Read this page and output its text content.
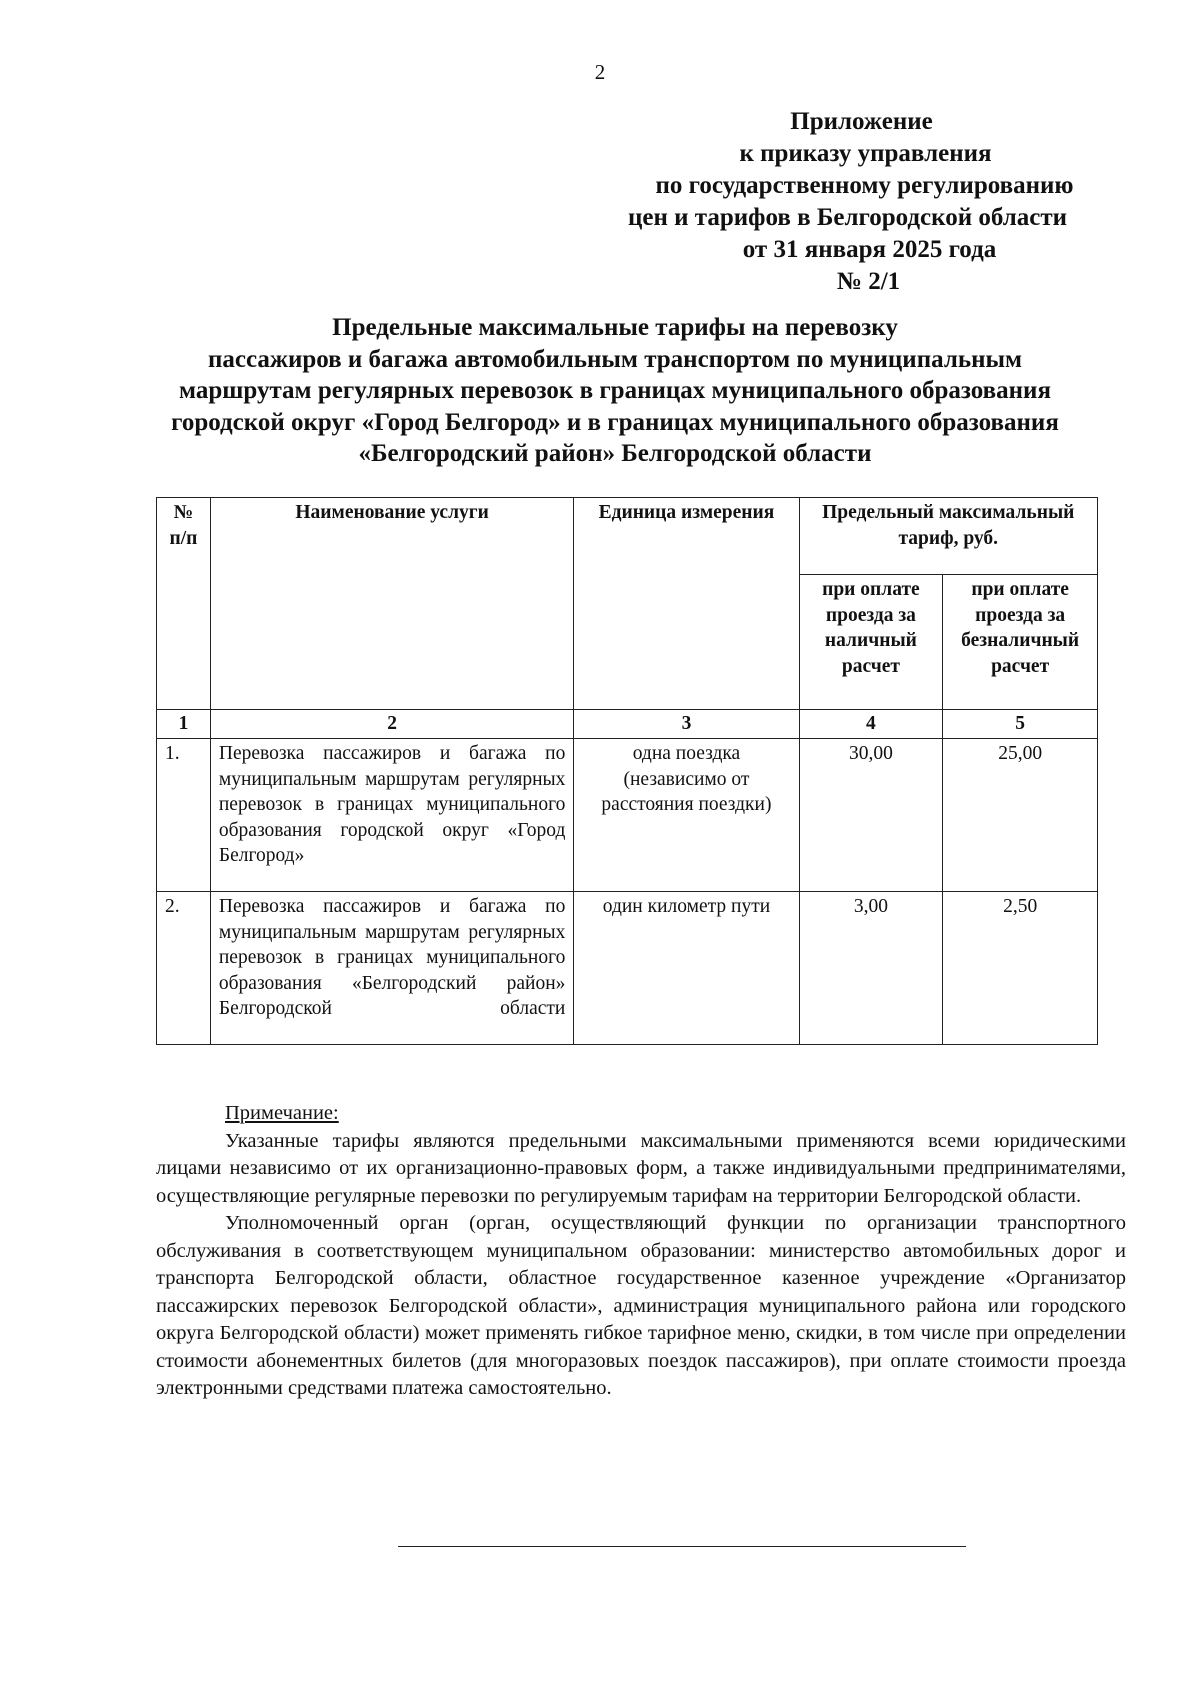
2
Приложение
к приказу управления
по государственному регулированию
цен и тарифов в Белгородской области
от 31 января 2025 года
№ 2/1
Предельные максимальные тарифы на перевозку
пассажиров и багажа автомобильным транспортом по муниципальным
маршрутам регулярных перевозок в границах муниципального образования
городской округ «Город Белгород» и в границах муниципального образования
«Белгородский район» Белгородской области
№ п/п	Наименование услуги	Единица измерения	Предельный максимальный тариф, руб.	
			при оплате проезда за наличный расчет	при оплате проезда за безналичный расчет
1	2	3	4	5
1.	Перевозка пассажиров и багажа по муниципальным маршрутам регулярных перевозок в границах муниципального образования городской округ «Город Белгород»	одна поездка (независимо от расстояния поездки)	30,00	25,00
2.	Перевозка пассажиров и багажа по муниципальным маршрутам регулярных перевозок в границах муниципального образования «Белгородский район» Белгородской области	один километр пути	3,00	2,50
Примечание:

Указанные тарифы являются предельными максимальными применяются всеми юридическими лицами независимо от их организационно-правовых форм, а также индивидуальными предпринимателями, осуществляющие регулярные перевозки по регулируемым тарифам на территории Белгородской области.

Уполномоченный орган (орган, осуществляющий функции по организации транспортного обслуживания в соответствующем муниципальном образовании: министерство автомобильных дорог и транспорта Белгородской области, областное государственное казенное учреждение «Организатор пассажирских перевозок Белгородской области», администрация муниципального района или городского округа Белгородской области) может применять гибкое тарифное меню, скидки, в том числе при определении стоимости абонементных билетов (для многоразовых поездок пассажиров), при оплате стоимости проезда электронными средствами платежа самостоятельно.
